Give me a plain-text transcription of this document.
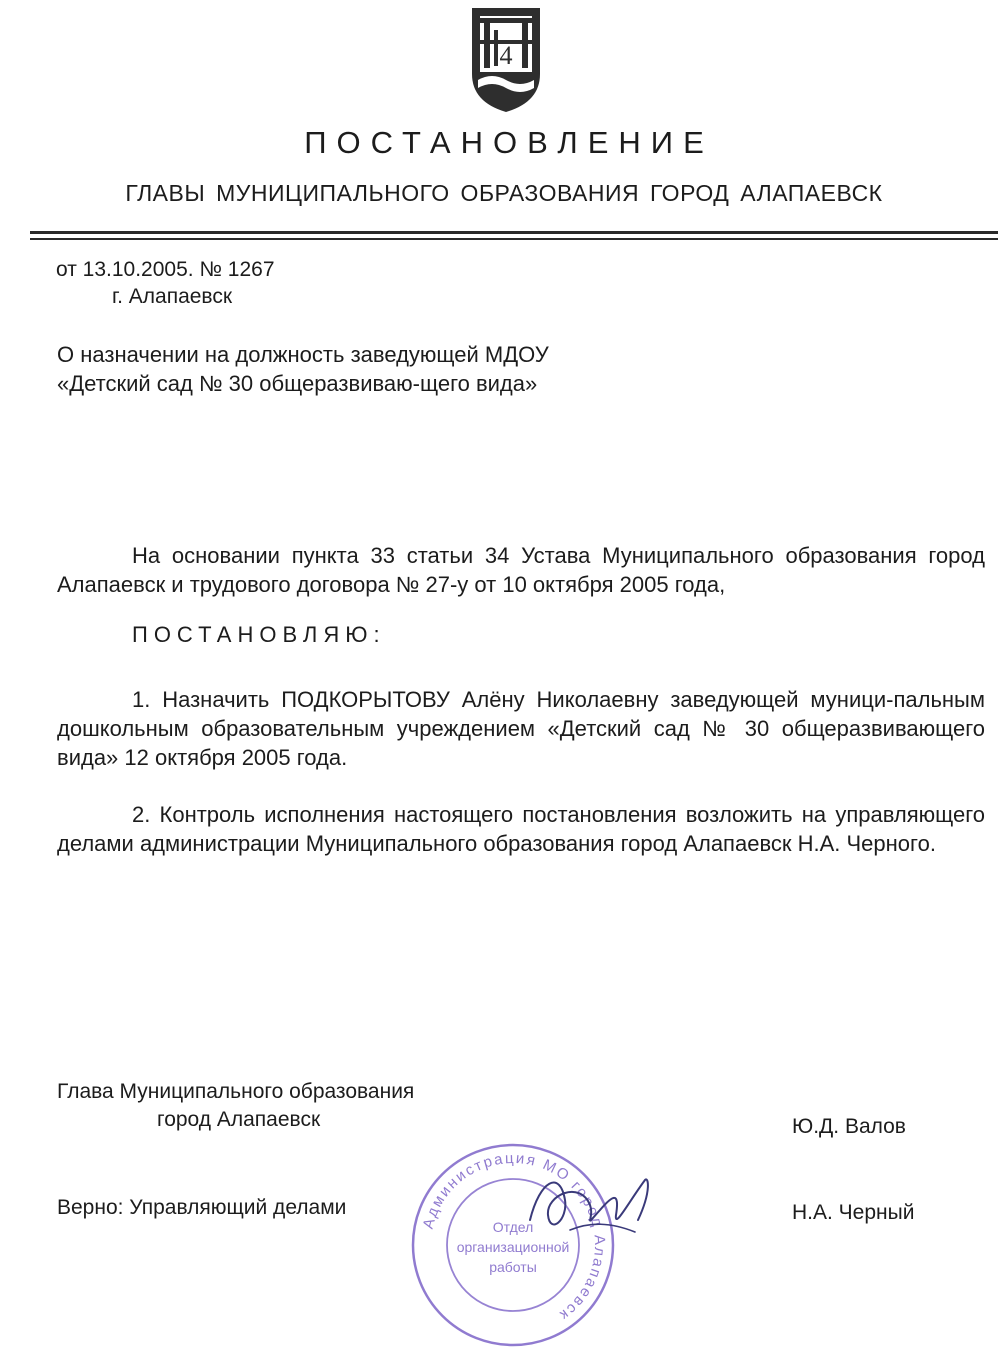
4
ПОСТАНОВЛЕНИЕ
ГЛАВЫ МУНИЦИПАЛЬНОГО ОБРАЗОВАНИЯ ГОРОД АЛАПАЕВСК
от 13.10.2005. № 1267
г. Алапаевск
О назначении на должность заведующей МДОУ «Детский сад № 30 общеразвиваю-щего вида»
На основании пункта 33 статьи 34 Устава Муниципального образования город Алапаевск и трудового договора № 27-у от 10 октября 2005 года,
ПОСТАНОВЛЯЮ:
1. Назначить ПОДКОРЫТОВУ Алёну Николаевну заведующей муници-пальным дошкольным образовательным учреждением «Детский сад № 30 общеразвивающего вида» 12 октября 2005 года.
2. Контроль исполнения настоящего постановления возложить на управляющего делами администрации Муниципального образования город Алапаевск Н.А. Черного.
Глава Муниципального образования
город Алапаевск	Ю.Д. Валов
Верно: Управляющий делами	Н.А. Черный
Администрация МО город Алапаевск
Отдел
организационной
работы
